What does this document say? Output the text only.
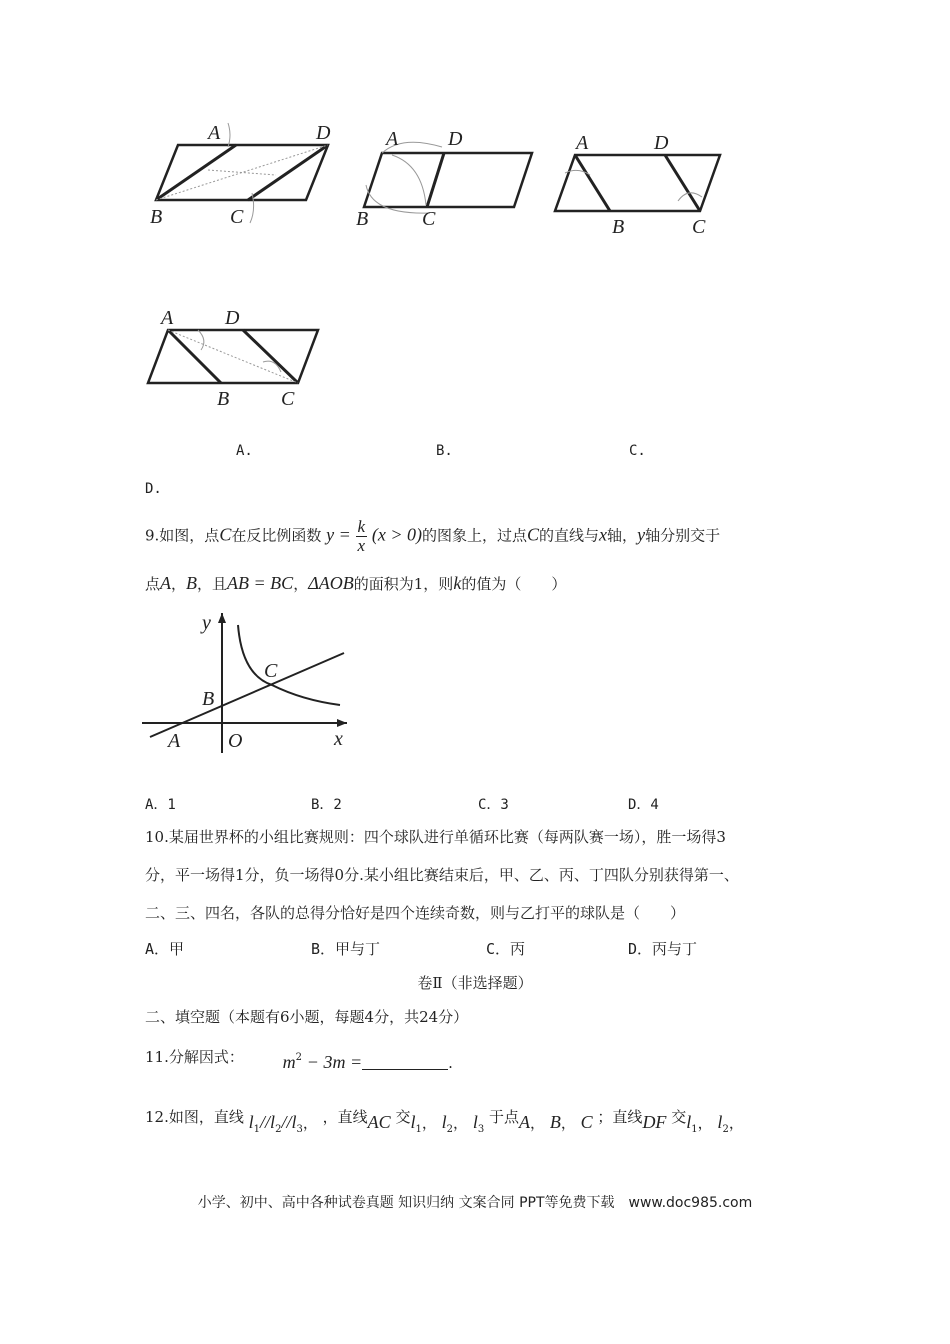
A	D
B	C
A D
B	C
A	D
B	C
A	D
B	C
A.	B.	C.
D.
9.如图，点C在反比例函数 $y = \frac{k}{x} (x > 0)$的图象上，过点C的直线与x轴，y轴分别交于
点A，B，且AB = BC，ΔAOB的面积为1，则k的值为（　　）
y
C
B
A O	x
A．1	B．2	C．3	D．4
10.某届世界杯的小组比赛规则：四个球队进行单循环比赛（每两队赛一场），胜一场得3
分，平一场得1分，负一场得0分.某小组比赛结束后，甲、乙、丙、丁四队分别获得第一、
二、三、四名，各队的总得分恰好是四个连续奇数，则与乙打平的球队是（　　）
A．甲	B．甲与丁	C．丙	D．丙与丁
卷Ⅱ（非选择题）
二、填空题（本题有6小题，每题4分，共24分）
11.分解因式： $m^2 - 3m$ =	.
12.如图，直线 $l_1//l_2//l_3$， ，直线AC 交$l_1$， $l_2$， $l_3$ 于点A， B， C ；直线DF 交$l_1$， $l_2$，
小学、初中、高中各种试卷真题 知识归纳 文案合同 PPT等免费下载　www.doc985.com
